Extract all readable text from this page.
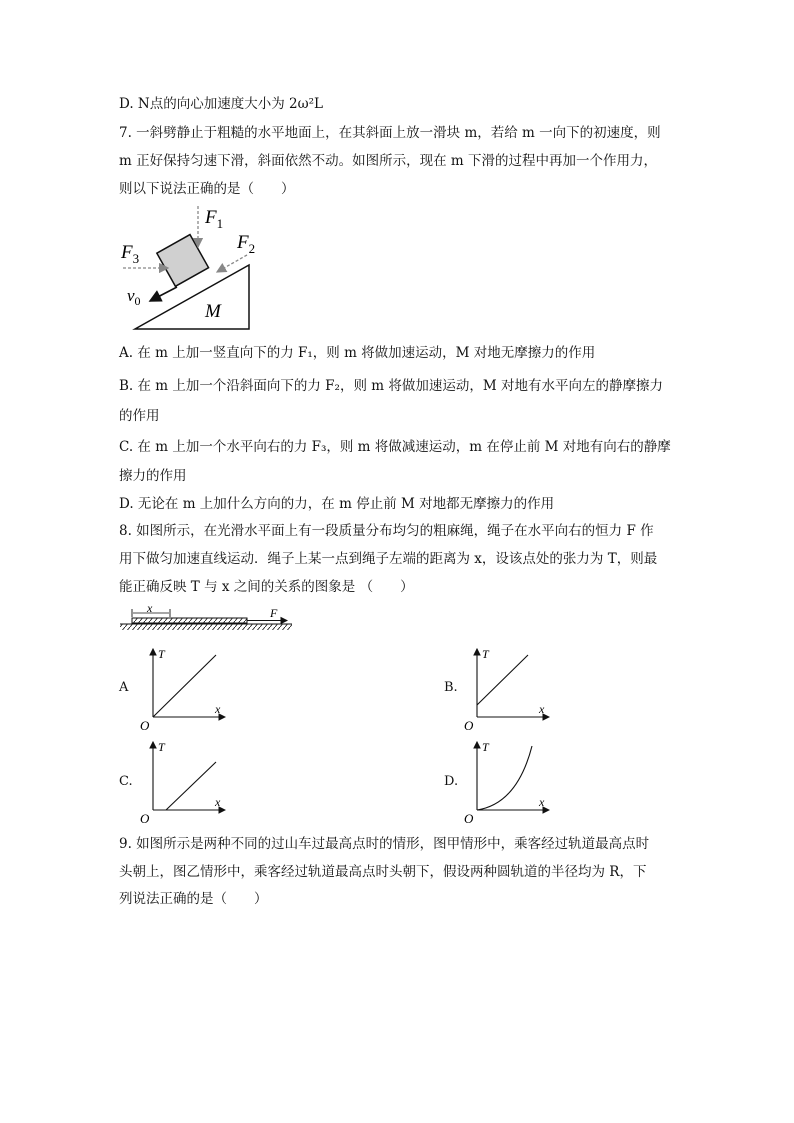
D. N点的向心加速度大小为 2ω²L
7. 一斜劈静止于粗糙的水平地面上，在其斜面上放一滑块 m，若给 m 一向下的初速度，则
m 正好保持匀速下滑，斜面依然不动。如图所示，现在 m 下滑的过程中再加一个作用力，
则以下说法正确的是（　　）
$F_1$
$F_2$
$F_3$
$v_0$	M
A. 在 m 上加一竖直向下的力 F₁，则 m 将做加速运动，M 对地无摩擦力的作用
B. 在 m 上加一个沿斜面向下的力 F₂，则 m 将做加速运动，M 对地有水平向左的静摩擦力
的作用
C. 在 m 上加一个水平向右的力 F₃，则 m 将做减速运动，m 在停止前 M 对地有向右的静摩
擦力的作用
D. 无论在 m 上加什么方向的力，在 m 停止前 M 对地都无摩擦力的作用
8. 如图所示，在光滑水平面上有一段质量分布均匀的粗麻绳，绳子在水平向右的恒力 F 作
用下做匀加速直线运动．绳子上某一点到绳子左端的距离为 x，设该点处的张力为 T，则最
能正确反映 T 与 x 之间的关系的图象是 （　　）
x	F
A
T
x
O
B.
T
x
O
C.
T
x
O
D.
T
x
O
9. 如图所示是两种不同的过山车过最高点时的情形，图甲情形中，乘客经过轨道最高点时
头朝上，图乙情形中，乘客经过轨道最高点时头朝下，假设两种圆轨道的半径均为 R，下
列说法正确的是（　　）
